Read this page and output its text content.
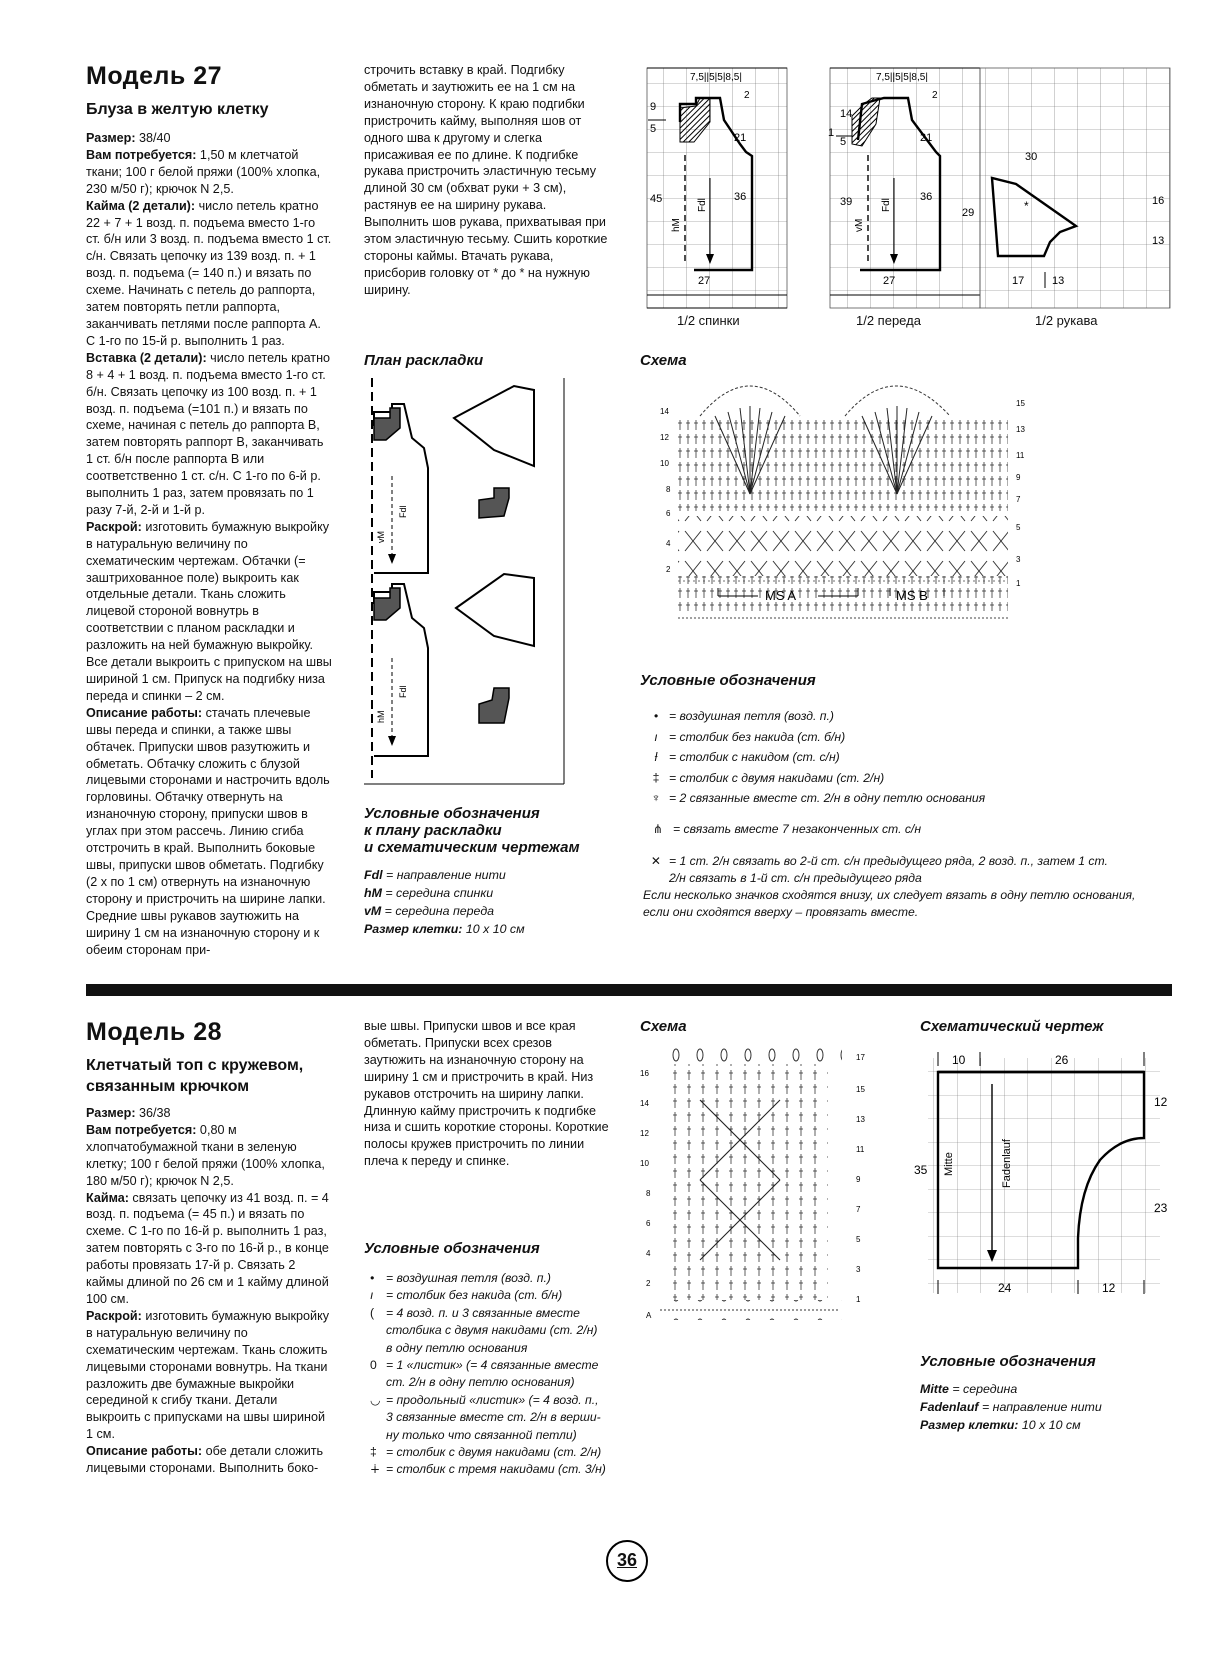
Модель 27
Блуза в желтую клетку

Размер: 38/40

Вам потребуется: 1,50 м клетчатой ткани; 100 г белой пряжи (100% хлопка, 230 м/50 г); крючок N 2,5.

Кайма (2 детали): число петель кратно 22 + 7 + 1 возд. п. подъема вместо 1-го ст. б/н или 3 возд. п. подъема вместо 1 ст. с/н. Связать цепочку из 139 возд. п. + 1 возд. п. подъема (= 140 п.) и вязать по схеме. Начинать с петель до раппорта, затем повторять петли раппорта, заканчивать петлями после раппорта А. С 1-го по 15-й р. выполнить 1 раз.

Вставка (2 детали): число петель кратно 8 + 4 + 1 возд. п. подъема вместо 1-го ст. б/н. Связать цепочку из 100 возд. п. + 1 возд. п. подъема (=101 п.) и вязать по схеме, начиная с петель до раппорта В, затем повторять раппорт В, заканчивать 1 ст. б/н после раппорта В или соответственно 1 ст. с/н. С 1-го по 6-й р. выполнить 1 раз, затем провязать по 1 разу 7-й, 2-й и 1-й р.

Раскрой: изготовить бумажную выкройку в натуральную величину по схематическим чертежам. Обтачки (= заштрихованное поле) выкроить как отдельные детали. Ткань сложить лицевой стороной вовнутрь в соответствии с планом раскладки и разложить на ней бумажную выкройку. Все детали выкроить с припуском на швы шириной 1 см. Припуск на подгибку низа переда и спинки – 2 см.

Описание работы: стачать плечевые швы переда и спинки, а также швы обтачек. Припуски швов разутюжить и обметать. Обтачку сложить с блузой лицевыми сторонами и настрочить вдоль горловины. Обтачку отвернуть на изнаночную сторону, припуски швов в углах при этом рассечь. Линию сгиба отстрочить в край. Выполнить боковые швы, припуски швов обметать. Подгибку (2 х по 1 см) отвернуть на изнаночную сторону и пристрочить на ширине лапки. Средние швы рукавов заутюжить на ширину 1 см на изнаночную сторону и к обеим сторонам при-

строчить вставку в край. Подгибку обметать и заутюжить ее на 1 см на изнаночную сторону. К краю подгибки пристрочить кайму, выполняя шов от одного шва к другому и слегка присаживая ее по длине. К подгибке рукава пристрочить эластичную тесьму длиной 30 см (обхват руки + 3 см), растянув ее на ширину рукава. Выполнить шов рукава, прихватывая при этом эластичную тесьму. Сшить короткие стороны каймы. Втачать рукава, присборив головку от * до * на нужную ширину.
План раскладки
vM
Fdl
hM
Fdl
Условные обозначения
к плану раскладки
и схематическим чертежам
Fdl = направление нити
hM = середина спинки
vM = середина переда
Размер клетки: 10 х 10 см
hM
Fdl
9
5
45
21
36
27
7,5||5|5|8,5|
2
vM
Fdl
14
1
5
39
21
36
27
7,5||5|5|8,5|
2
30
29
16
13
17	13
*
1/2 спинки	1/2 переда	1/2 рукава
Схема
14
12
10
8
6
4
2
15
13
11
9
7
5
3
1
MS A	MS B
Условные обозначения
• = воздушная петля (возд. п.)
ı = столбик без накида (ст. б/н)
ƚ = столбик с накидом (ст. с/н)
‡ = столбик с двумя накидами (ст. 2/н)
♆ = 2 связанные вместе ст. 2/н в одну петлю основания
⋔ = связать вместе 7 незаконченных ст. с/н
✕ = 1 ст. 2/н связать во 2-й ст. с/н предыдущего ряда, 2 возд. п., затем 1 ст.
2/н связать в 1-й ст. с/н предыдущего ряда
Если несколько значков сходятся внизу, их следует вязать в одну петлю основания,
если они сходятся вверху – провязать вместе.
Модель 28
Клетчатый топ с кружевом,
связанным крючком

Размер: 36/38

Вам потребуется: 0,80 м хлопчатобумажной ткани в зеленую клетку; 100 г белой пряжи (100% хлопка, 180 м/50 г); крючок N 2,5.

Кайма: связать цепочку из 41 возд. п. = 4 возд. п. подъема (= 45 п.) и вязать по схеме. С 1-го по 16-й р. выполнить 1 раз, затем повторять с 3-го по 16-й р., в конце работы провязать 17-й р. Связать 2 каймы длиной по 26 см и 1 кайму длиной 100 см.

Раскрой: изготовить бумажную выкройку в натуральную величину по схематическим чертежам. Ткань сложить лицевыми сторонами вовнутрь. На ткани разложить две бумажные выкройки серединой к сгибу ткани. Детали выкроить с припусками на швы шириной 1 см.

Описание работы: обе детали сложить лицевыми сторонами. Выполнить боко-

вые швы. Припуски швов и все края обметать. Припуски всех срезов заутюжить на изнаночную сторону на ширину 1 см и пристрочить в край. Низ рукавов отстрочить на ширину лапки. Длинную кайму пристрочить к подгибке низа и сшить короткие стороны. Короткие полосы кружев пристрочить по линии плеча к переду и спинке.
Условные обозначения
• = воздушная петля (возд. п.)
ı = столбик без накида (ст. б/н)
( = 4 возд. п. и 3 связанные вместе
столбика с двумя накидами (ст. 2/н)
в одну петлю основания
0 = 1 «листик» (= 4 связанные вместе
ст. 2/н в одну петлю основания)
◡ = продольный «листик» (= 4 возд. п.,
3 связанные вместе ст. 2/н в верши-
ну только что связанной петли)
‡ = столбик с двумя накидами (ст. 2/н)
∔ = столбик с тремя накидами (ст. 3/н)
Схема
16
14
12
10
8
6
4
2
A
17
15
13
11
9
7
5
3
1
Схематический чертеж
10	26
12
23
35
24	12
Mitte	Fadenlauf
Условные обозначения
Mitte = середина
Fadenlauf = направление нити
Размер клетки: 10 х 10 см
36
